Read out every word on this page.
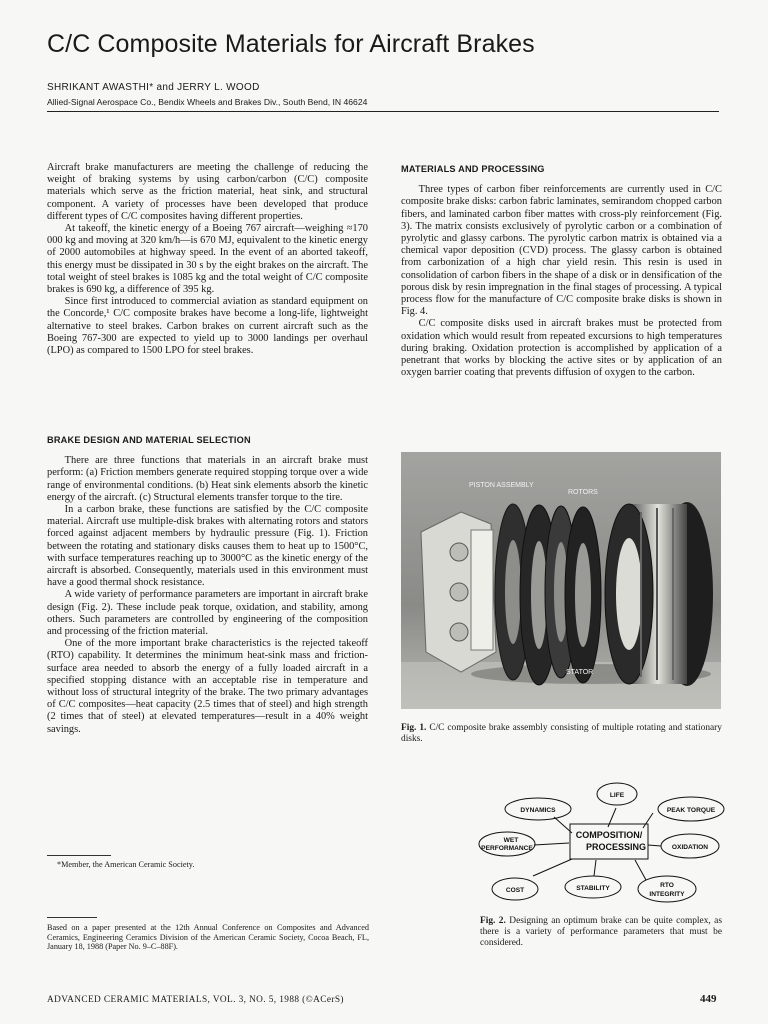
C/C Composite Materials for Aircraft Brakes
SHRIKANT AWASTHI* and JERRY L. WOOD
Allied-Signal Aerospace Co., Bendix Wheels and Brakes Div., South Bend, IN 46624

Aircraft brake manufacturers are meeting the challenge of reducing the weight of braking systems by using carbon/carbon (C/C) composite materials which serve as the friction material, heat sink, and structural component. A variety of processes have been developed that produce different types of C/C composites having different properties.

At takeoff, the kinetic energy of a Boeing 767 aircraft—weighing ≈170 000 kg and moving at 320 km/h—is 670 MJ, equivalent to the kinetic energy of 2000 automobiles at highway speed. In the event of an aborted takeoff, this energy must be dissipated in 30 s by the eight brakes on the aircraft. The total weight of steel brakes is 1085 kg and the total weight of C/C composite brakes is 690 kg, a difference of 395 kg.

Since first introduced to commercial aviation as standard equipment on the Concorde,¹ C/C composite brakes have become a long-life, lightweight alternative to steel brakes. Carbon brakes on current aircraft such as the Boeing 767-300 are expected to yield up to 3000 landings per overhaul (LPO) as compared to 1500 LPO for steel brakes.

BRAKE DESIGN AND MATERIAL SELECTION

There are three functions that materials in an aircraft brake must perform: (a) Friction members generate required stopping torque over a wide range of environmental conditions. (b) Heat sink elements absorb the kinetic energy of the aircraft. (c) Structural elements transfer torque to the tire.

In a carbon brake, these functions are satisfied by the C/C composite material. Aircraft use multiple-disk brakes with alternating rotors and stators forced against adjacent members by hydraulic pressure (Fig. 1). Friction between the rotating and stationary disks causes them to heat up to 1500°C, with surface temperatures reaching up to 3000°C as the kinetic energy of the aircraft is absorbed. Consequently, materials used in this environment must have a good thermal shock resistance.

A wide variety of performance parameters are important in aircraft brake design (Fig. 2). These include peak torque, oxidation, and stability, among others. Such parameters are controlled by engineering of the composition and processing of the friction material.

One of the more important brake characteristics is the rejected takeoff (RTO) capability. It determines the minimum heat-sink mass and friction-surface area needed to absorb the energy of a fully loaded aircraft in a specified stopping distance with an acceptable rise in temperature and without loss of structural integrity of the brake. The two primary advantages of C/C composites—heat capacity (2.5 times that of steel) and high strength (2 times that of steel) at elevated temperatures—result in a 40% weight savings.

*Member, the American Ceramic Society.
Based on a paper presented at the 12th Annual Conference on Composites and Advanced Ceramics, Engineering Ceramics Division of the American Ceramic Society, Cocoa Beach, FL, January 18, 1988 (Paper No. 9–C–88F).
MATERIALS AND PROCESSING

Three types of carbon fiber reinforcements are currently used in C/C composite brake disks: carbon fabric laminates, semirandom chopped carbon fibers, and laminated carbon fiber mattes with cross-ply reinforcement (Fig. 3). The matrix consists exclusively of pyrolytic carbon or a combination of pyrolytic and glassy carbons. The pyrolytic carbon matrix is obtained via a chemical vapor deposition (CVD) process. The glassy carbon is obtained from carbonization of a high char yield resin. This resin is used in consolidation of carbon fibers in the shape of a disk or in densification of the porous disk by resin impregnation in the final stages of processing. A typical process flow for the manufacture of C/C composite brake disks is shown in Fig. 4.

C/C composite disks used in aircraft brakes must be protected from oxidation which would result from repeated excursions to high temperatures during braking. Oxidation protection is accomplished by application of a penetrant that works by blocking the active sites or by application of an oxygen barrier coating that prevents diffusion of oxygen to the carbon.

PISTON ASSEMBLY
ROTORS
STATOR
Fig. 1. C/C composite brake assembly consisting of multiple rotating and stationary disks.
COMPOSITION/
PROCESSING
DYNAMICS
LIFE
PEAK TORQUE
WET
PERFORMANCE	OXIDATION
COST	STABILITY	RTO
INTEGRITY
Fig. 2. Designing an optimum brake can be quite complex, as there is a variety of performance parameters that must be considered.
ADVANCED CERAMIC MATERIALS, VOL. 3, NO. 5, 1988 (©ACerS)	449
